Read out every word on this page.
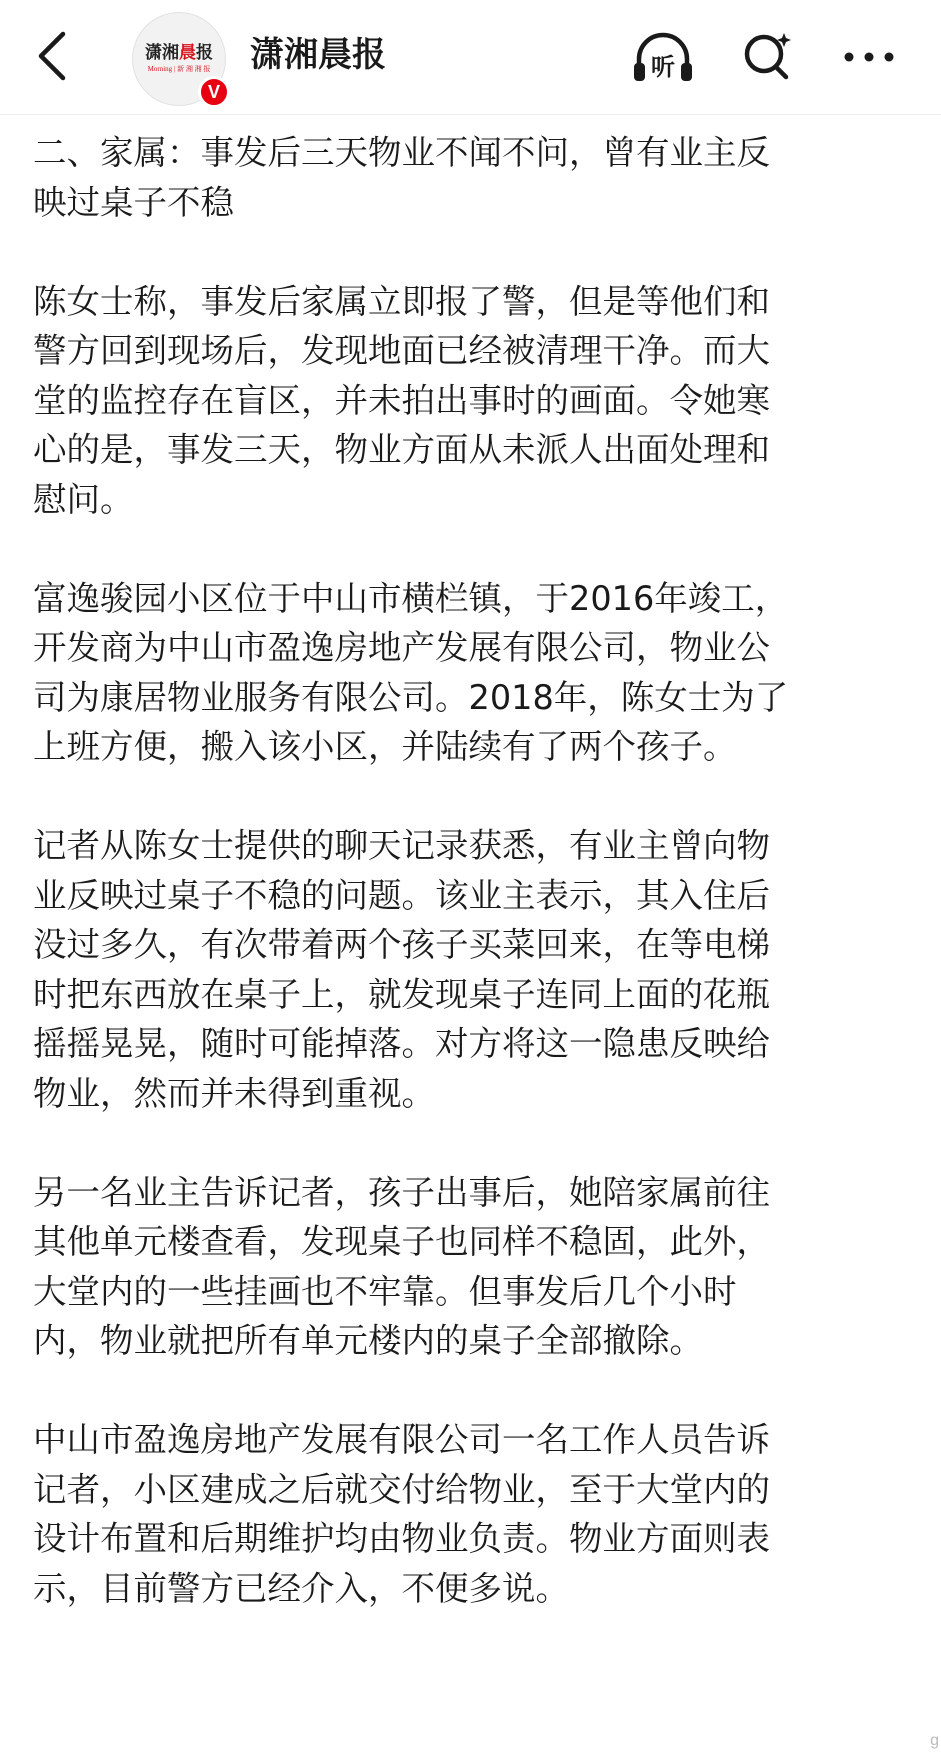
潇湘晨报
Morning | 新 湘 湘 报
V
潇湘晨报	听

二、家属：事发后三天物业不闻不问，曾有业主反
映过桌子不稳

陈女士称，事发后家属立即报了警，但是等他们和
警方回到现场后，发现地面已经被清理干净。而大
堂的监控存在盲区，并未拍出事时的画面。令她寒
心的是，事发三天，物业方面从未派人出面处理和
慰问。

富逸骏园小区位于中山市横栏镇，于2016年竣工，
开发商为中山市盈逸房地产发展有限公司，物业公
司为康居物业服务有限公司。2018年，陈女士为了
上班方便，搬入该小区，并陆续有了两个孩子。

记者从陈女士提供的聊天记录获悉，有业主曾向物
业反映过桌子不稳的问题。该业主表示，其入住后
没过多久，有次带着两个孩子买菜回来，在等电梯
时把东西放在桌子上，就发现桌子连同上面的花瓶
摇摇晃晃，随时可能掉落。对方将这一隐患反映给
物业，然而并未得到重视。

另一名业主告诉记者，孩子出事后，她陪家属前往
其他单元楼查看，发现桌子也同样不稳固，此外，
大堂内的一些挂画也不牢靠。但事发后几个小时
内，物业就把所有单元楼内的桌子全部撤除。

中山市盈逸房地产发展有限公司一名工作人员告诉
记者，小区建成之后就交付给物业，至于大堂内的
设计布置和后期维护均由物业负责。物业方面则表
示，目前警方已经介入，不便多说。

g
